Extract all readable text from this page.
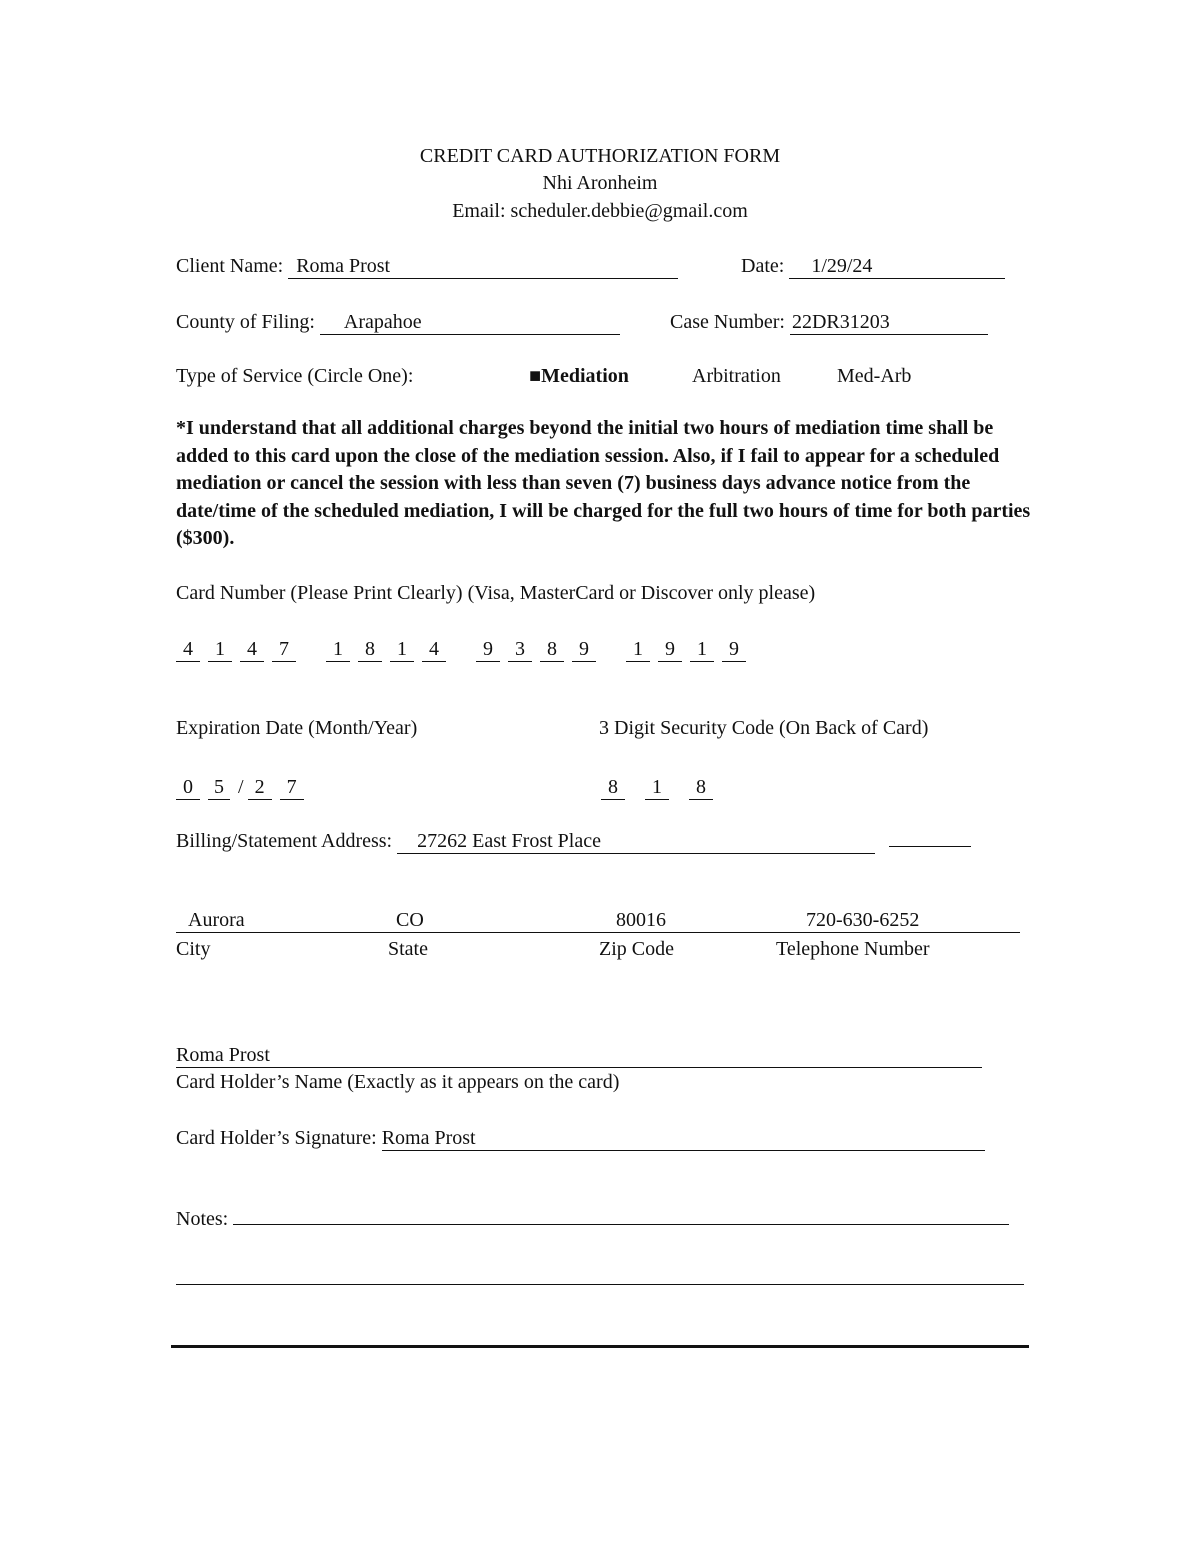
CREDIT CARD AUTHORIZATION FORM
Nhi Aronheim
Email: scheduler.debbie@gmail.com
Client Name: Roma Prost	Date: 1/29/24
County of Filing: Arapahoe	Case Number: 22DR31203
Type of Service (Circle One):	■Mediation	Arbitration	Med-Arb
*I understand that all additional charges beyond the initial two hours of mediation time shall be added to this card upon the close of the mediation session. Also, if I fail to appear for a scheduled mediation or cancel the session with less than seven (7) business days advance notice from the date/time of the scheduled mediation, I will be charged for the full two hours of time for both parties ($300).
Card Number (Please Print Clearly) (Visa, MasterCard or Discover only please)
4 1 4 7 1 8 1 4 9 3 8 9 1 9 1 9
Expiration Date (Month/Year)	3 Digit Security Code (On Back of Card)
0 5 / 2 7	8 1 8
Billing/Statement Address: 27262 East Frost Place
Aurora	CO	80016	720-630-6252
City	State	Zip Code	Telephone Number
Roma Prost
Card Holder’s Name (Exactly as it appears on the card)
Card Holder’s Signature: Roma Prost
Notes:
